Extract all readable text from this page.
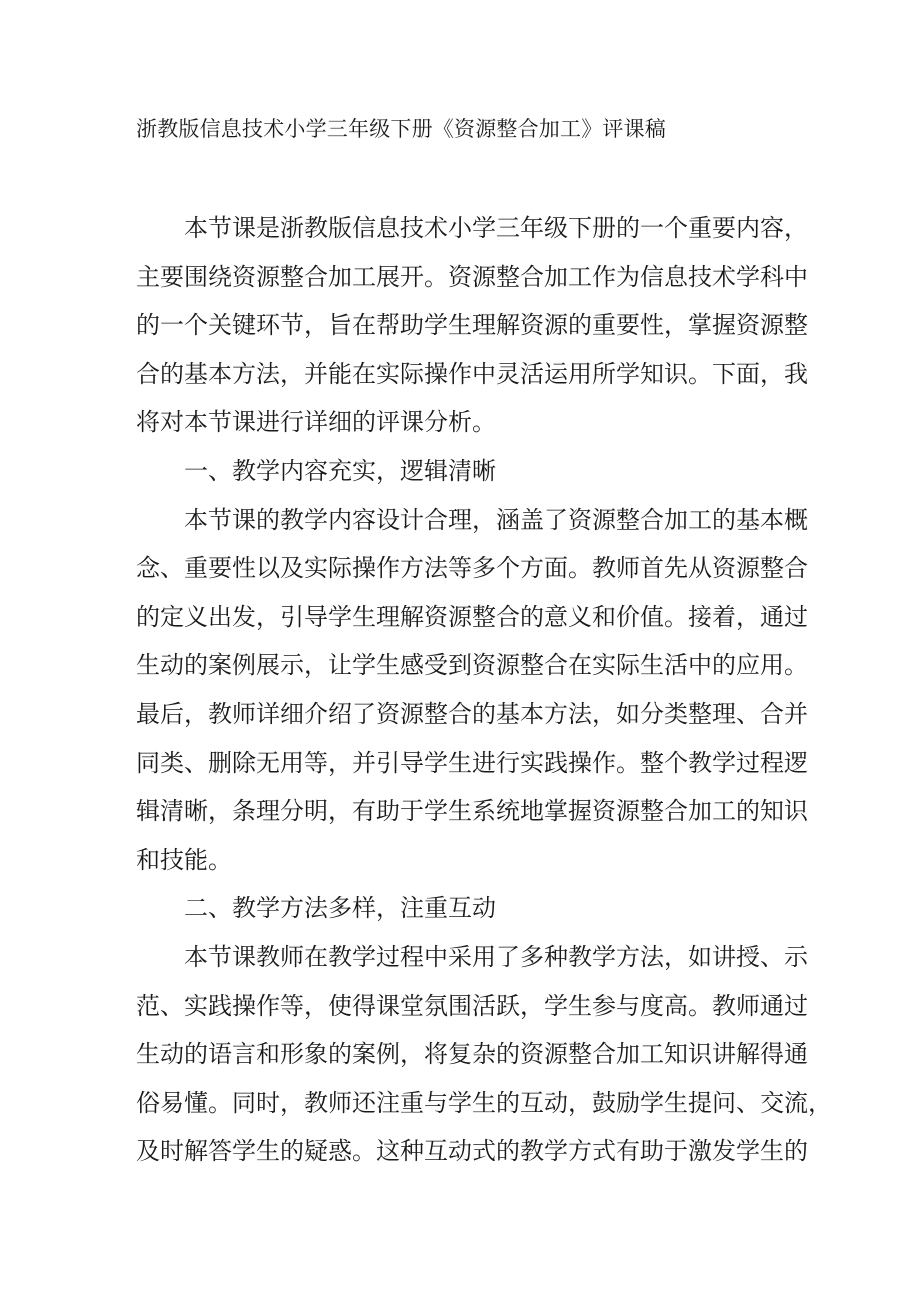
浙教版信息技术小学三年级下册《资源整合加工》评课稿
本节课是浙教版信息技术小学三年级下册的一个重要内容，
主要围绕资源整合加工展开。资源整合加工作为信息技术学科中
的一个关键环节，旨在帮助学生理解资源的重要性，掌握资源整
合的基本方法，并能在实际操作中灵活运用所学知识。下面，我
将对本节课进行详细的评课分析。
一、教学内容充实，逻辑清晰
本节课的教学内容设计合理，涵盖了资源整合加工的基本概
念、重要性以及实际操作方法等多个方面。教师首先从资源整合
的定义出发，引导学生理解资源整合的意义和价值。接着，通过
生动的案例展示，让学生感受到资源整合在实际生活中的应用。
最后，教师详细介绍了资源整合的基本方法，如分类整理、合并
同类、删除无用等，并引导学生进行实践操作。整个教学过程逻
辑清晰，条理分明，有助于学生系统地掌握资源整合加工的知识
和技能。
二、教学方法多样，注重互动
本节课教师在教学过程中采用了多种教学方法，如讲授、示
范、实践操作等，使得课堂氛围活跃，学生参与度高。教师通过
生动的语言和形象的案例，将复杂的资源整合加工知识讲解得通
俗易懂。同时，教师还注重与学生的互动，鼓励学生提问、交流，
及时解答学生的疑惑。这种互动式的教学方式有助于激发学生的
